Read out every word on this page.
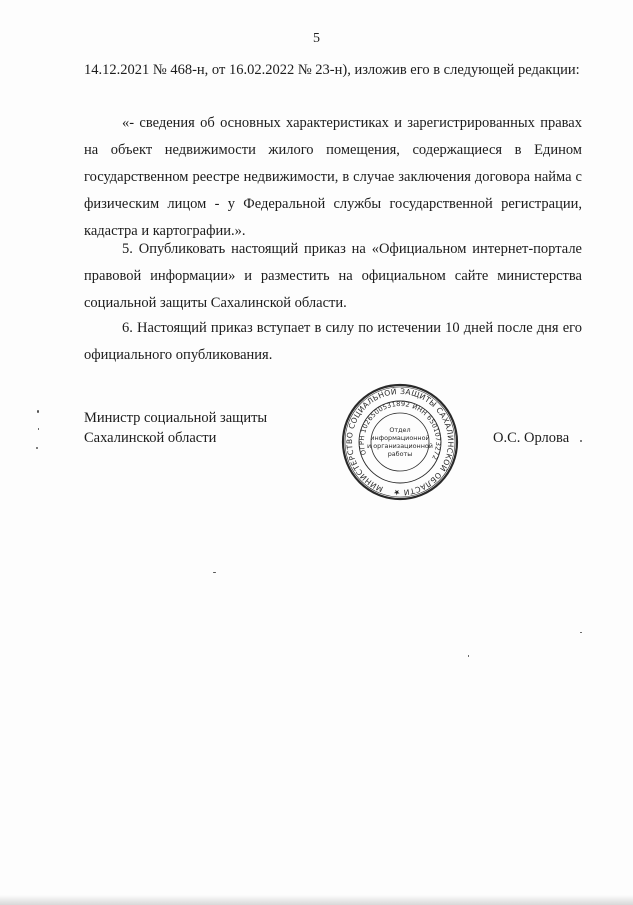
5

14.12.2021 № 468-н, от 16.02.2022 № 23-н), изложив его в следующей редакции:

«- сведения об основных характеристиках и зарегистрированных правах на объект недвижимости жилого помещения, содержащиеся в Едином государственном реестре недвижимости, в случае заключения договора найма с физическим лицом - у Федеральной службы государственной регистрации, кадастра и картографии.».

5. Опубликовать настоящий приказ на «Официальном интернет-портале правовой информации» и разместить на официальном сайте министерства социальной защиты Сахалинской области.

6. Настоящий приказ вступает в силу по истечении 10 дней после дня его официального опубликования.

Министр социальной защиты
Сахалинской области	О.С. Орлова
МИНИСТЕРСТВО СОЦИАЛЬНОЙ ЗАЩИТЫ САХАЛИНСКОЙ ОБЛАСТИ ★
ОГРН 1026500531892 ИНН 6501073272
Отдел
информационной
и организационной
работы
